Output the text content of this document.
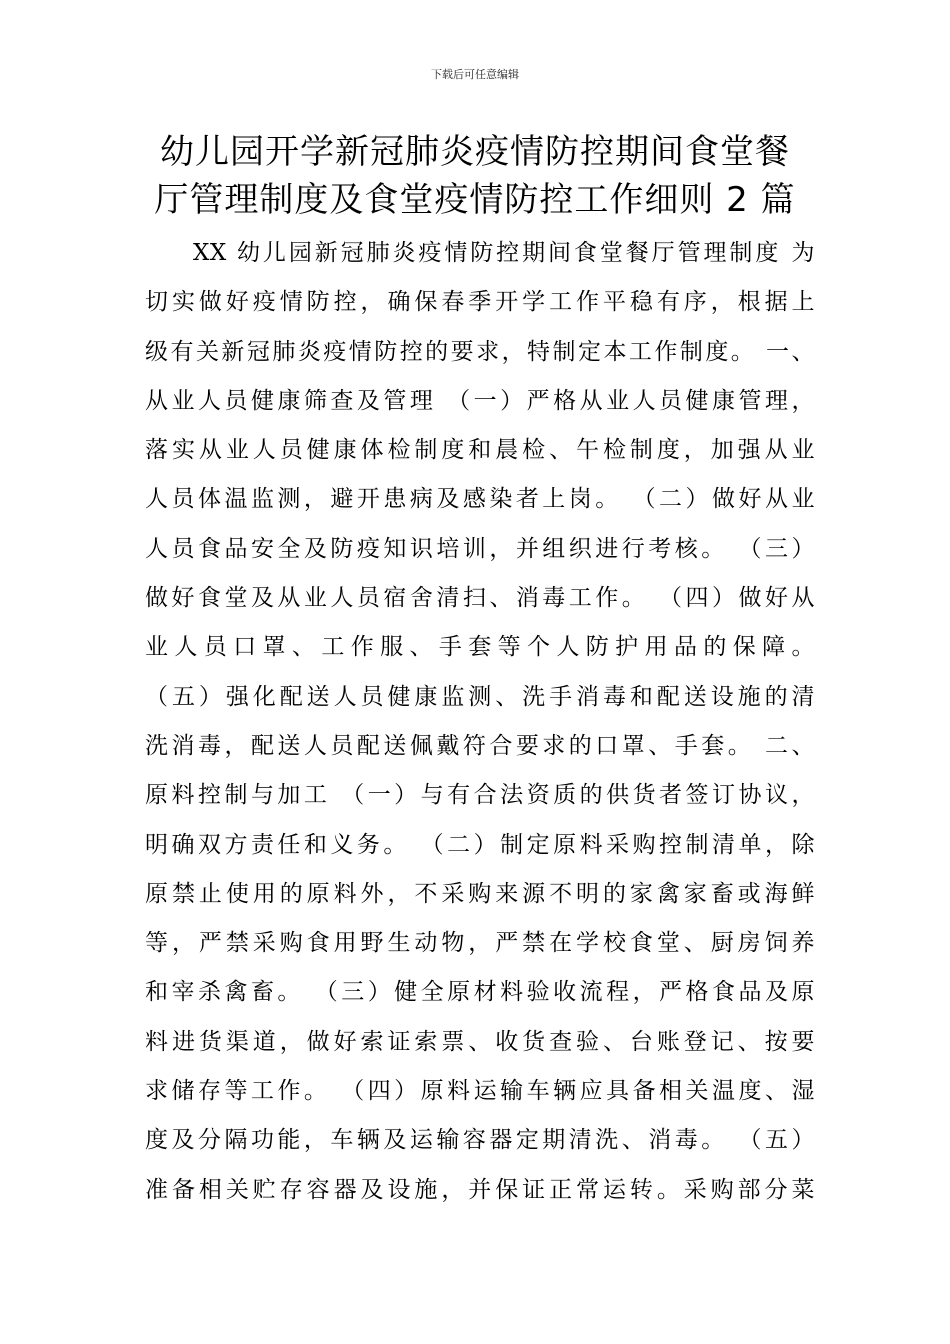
下载后可任意编辑
幼儿园开学新冠肺炎疫情防控期间食堂餐
厅管理制度及食堂疫情防控工作细则 2 篇
XX 幼儿园新冠肺炎疫情防控期间食堂餐厅管理制度 为
切实做好疫情防控，确保春季开学工作平稳有序，根据上
级有关新冠肺炎疫情防控的要求，特制定本工作制度。 一、
从业人员健康筛查及管理 （一）严格从业人员健康管理，
落实从业人员健康体检制度和晨检、午检制度，加强从业
人员体温监测，避开患病及感染者上岗。 （二）做好从业
人员食品安全及防疫知识培训，并组织进行考核。 （三）
做好食堂及从业人员宿舍清扫、消毒工作。 （四）做好从
业人员口罩、工作服、手套等个人防护用品的保障。
（五）强化配送人员健康监测、洗手消毒和配送设施的清
洗消毒，配送人员配送佩戴符合要求的口罩、手套。 二、
原料控制与加工 （一）与有合法资质的供货者签订协议，
明确双方责任和义务。 （二）制定原料采购控制清单，除
原禁止使用的原料外，不采购来源不明的家禽家畜或海鲜
等，严禁采购食用野生动物，严禁在学校食堂、厨房饲养
和宰杀禽畜。 （三）健全原材料验收流程，严格食品及原
料进货渠道，做好索证索票、收货查验、台账登记、按要
求储存等工作。 （四）原料运输车辆应具备相关温度、湿
度及分隔功能，车辆及运输容器定期清洗、消毒。 （五）
准备相关贮存容器及设施，并保证正常运转。采购部分菜
